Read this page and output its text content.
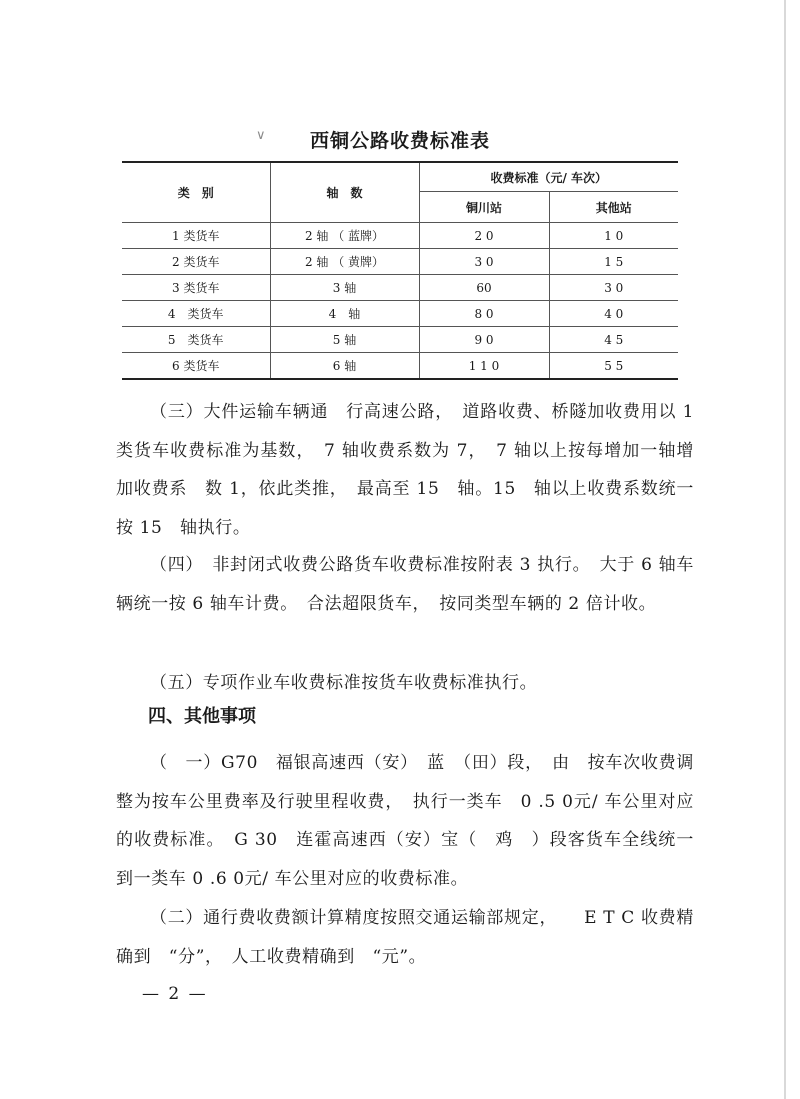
∨	西铜公路收费标准表
类　别	轴　数	收费标准（元/ 车次）	
		铜川站	其他站
1 类货车	2 轴 （ 蓝牌）	2 0	1 0
2 类货车	2 轴 （ 黄牌）	3 0	1 5
3 类货车	3 轴	60	3 0
4　类货车	4　轴	8 0	4 0
5　类货车	5 轴	9 0	4 5
6 类货车	6 轴	1 1 0	5 5

（三）大件运输车辆通　行高速公路，　道路收费、桥隧加收费用以 1 类货车收费标准为基数，　7 轴收费系数为 7，　7 轴以上按每增加一轴增加收费系　数 1，依此类推，　最高至 15　轴。15　轴以上收费系数统一按 15　轴执行。

（四）　非封闭式收费公路货车收费标准按附表 3 执行。　大于 6 轴车辆统一按 6 轴车计费。　合法超限货车，　按同类型车辆的 2 倍计收。

（五）专项作业车收费标准按货车收费标准执行。

四、其他事项

（　一）G70　福银高速西（安）　蓝　（田）段，　由　按车次收费调整为按车公里费率及行驶里程收费，　执行一类车　0 .5 0元/ 车公里对应的收费标准。　G 30　连霍高速西（安）宝（　鸡　）段客货车全线统一到一类车 0 .6 0元/ 车公里对应的收费标准。

（二）通行费收费额计算精度按照交通运输部规定，　　E T C 收费精确到　“分”，　人工收费精确到　“元”。

— 2 —
